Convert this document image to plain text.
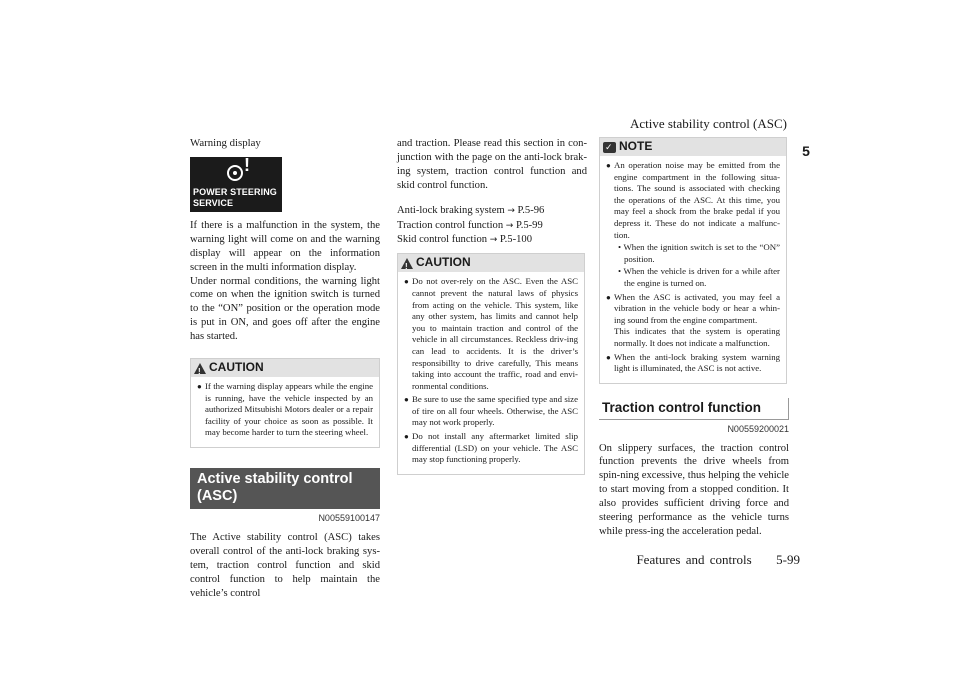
Active stability control (ASC)
Features and controls 5-99
5
Warning display
!
POWER STEERING
SERVICE REQUIRED

If there is a malfunction in the system, the warning light will come on and the warning display will appear on the information screen in the multi information display.

Under normal conditions, the warning light come on when the ignition switch is turned to the “ON” position or the operation mode is put in ON, and goes off after the engine has started.

!
CAUTION
● If the warning display appears while the engine is running, have the vehicle inspected by an authorized Mitsubishi Motors dealer or a repair facility of your choice as soon as possible. It may become harder to turn the steering wheel.
Active stability control
(ASC)
N00559100147

The Active stability control (ASC) takes overall control of the anti-lock braking sys-tem, traction control function and skid control function to help maintain the vehicle’s control

and traction. Please read this section in con-junction with the page on the anti-lock brak-ing system, traction control function and skid control function.

Anti-lock braking system → P.5-96
Traction control function → P.5-99
Skid control function → P.5-100
!
CAUTION
● Do not over-rely on the ASC. Even the ASC cannot prevent the natural laws of physics from acting on the vehicle. This system, like any other system, has limits and cannot help you to maintain traction and control of the vehicle in all circumstances. Reckless driv-ing can lead to accidents. It is the driver’s responsibillty to drive carefully, This means taking into account the traffic, road and envi-ronmental conditions.
● Be sure to use the same specified type and size of tire on all four wheels. Otherwise, the ASC may not work properly.
● Do not install any aftermarket limited slip differential (LSD) on your vehicle. The ASC may stop functioning properly.
✓
NOTE
● An operation noise may be emitted from the engine compartment in the following situa-tions. The sound is associated with checking the operations of the ASC. At this time, you may feel a shock from the brake pedal if you depress it. These do not indicate a malfunc-tion.
• When the ignition switch is set to the “ON” position.
• When the vehicle is driven for a while after the engine is turned on.
● When the ASC is activated, you may feel a vibration in the vehicle body or hear a whin-ing sound from the engine compartment.
This indicates that the system is operating normally. It does not indicate a malfunction.
● When the anti-lock braking system warning light is illuminated, the ASC is not active.
Traction control function
N00559200021

On slippery surfaces, the traction control function prevents the drive wheels from spin-ning excessive, thus helping the vehicle to start moving from a stopped condition. It also provides sufficient driving force and steering performance as the vehicle turns while press-ing the acceleration pedal.
